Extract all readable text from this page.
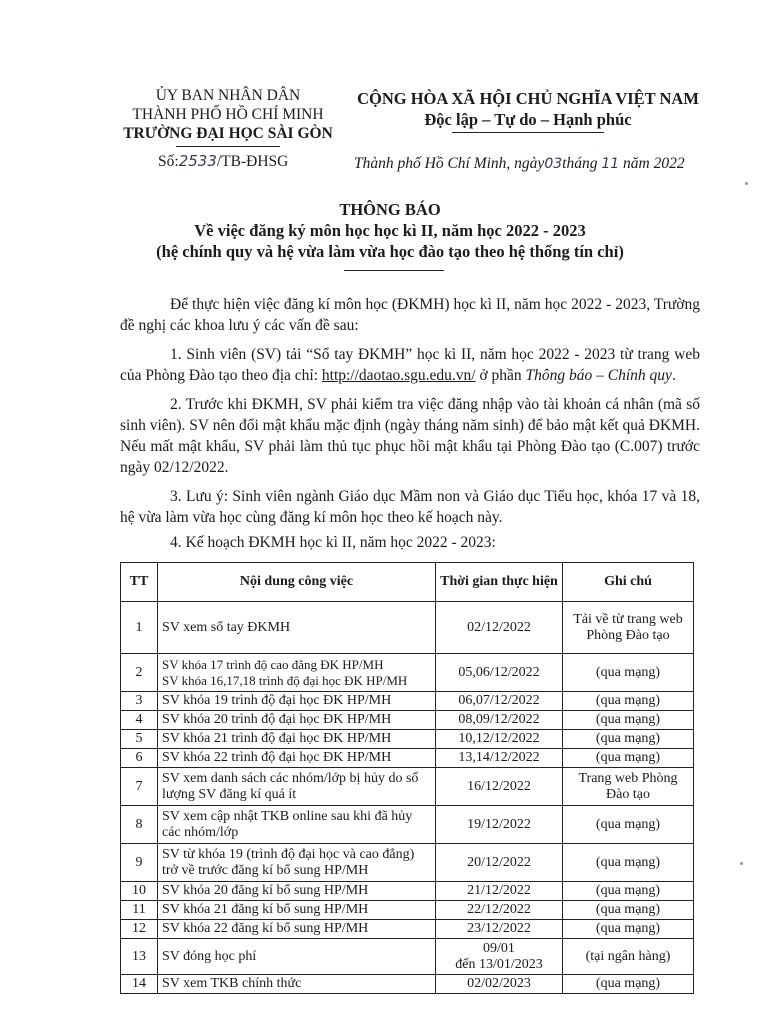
ỦY BAN NHÂN DÂN
THÀNH PHỐ HỒ CHÍ MINH
TRƯỜNG ĐẠI HỌC SÀI GÒN
Số:2533/TB-ĐHSG
CỘNG HÒA XÃ HỘI CHỦ NGHĨA VIỆT NAM
Độc lập – Tự do – Hạnh phúc
Thành phố Hồ Chí Minh, ngày03tháng 11 năm 2022
THÔNG BÁO
Về việc đăng ký môn học học kì II, năm học 2022 - 2023
(hệ chính quy và hệ vừa làm vừa học đào tạo theo hệ thống tín chỉ)
Để thực hiện việc đăng kí môn học (ĐKMH) học kì II, năm học 2022 - 2023, Trường đề nghị các khoa lưu ý các vấn đề sau:
1. Sinh viên (SV) tải “Sổ tay ĐKMH” học kì II, năm học 2022 - 2023 từ trang web của Phòng Đào tạo theo địa chỉ: http://daotao.sgu.edu.vn/ ở phần Thông báo – Chính quy.
2. Trước khi ĐKMH, SV phải kiểm tra việc đăng nhập vào tài khoản cá nhân (mã số sinh viên). SV nên đổi mật khẩu mặc định (ngày tháng năm sinh) để bảo mật kết quả ĐKMH. Nếu mất mật khẩu, SV phải làm thủ tục phục hồi mật khẩu tại Phòng Đào tạo (C.007) trước ngày 02/12/2022.
3. Lưu ý: Sinh viên ngành Giáo dục Mầm non và Giáo dục Tiểu học, khóa 17 và 18, hệ vừa làm vừa học cùng đăng kí môn học theo kế hoạch này.
4. Kế hoạch ĐKMH học kì II, năm học 2022 - 2023:
TT	Nội dung công việc	Thời gian thực hiện	Ghi chú
1	SV xem sổ tay ĐKMH	02/12/2022	Tải về từ trang web Phòng Đào tạo
2	SV khóa 17 trình độ cao đẳng ĐK HP/MH
SV khóa 16,17,18 trình độ đại học ĐK HP/MH	05,06/12/2022	(qua mạng)
3	SV khóa 19 trình độ đại học ĐK HP/MH	06,07/12/2022	(qua mạng)
4	SV khóa 20 trình độ đại học ĐK HP/MH	08,09/12/2022	(qua mạng)
5	SV khóa 21 trình độ đại học ĐK HP/MH	10,12/12/2022	(qua mạng)
6	SV khóa 22 trình độ đại học ĐK HP/MH	13,14/12/2022	(qua mạng)
7	SV xem danh sách các nhóm/lớp bị hủy do số lượng SV đăng kí quá ít	16/12/2022	Trang web Phòng Đào tạo
8	SV xem cập nhật TKB online sau khi đã hủy các nhóm/lớp	19/12/2022	(qua mạng)
9	SV từ khóa 19 (trình độ đại học và cao đẳng) trở về trước đăng kí bổ sung HP/MH	20/12/2022	(qua mạng)
10	SV khóa 20 đăng kí bổ sung HP/MH	21/12/2022	(qua mạng)
11	SV khóa 21 đăng kí bổ sung HP/MH	22/12/2022	(qua mạng)
12	SV khóa 22 đăng kí bổ sung HP/MH	23/12/2022	(qua mạng)
13	SV đóng học phí	09/01
đến 13/01/2023	(tại ngân hàng)
14	SV xem TKB chính thức	02/02/2023	(qua mạng)
